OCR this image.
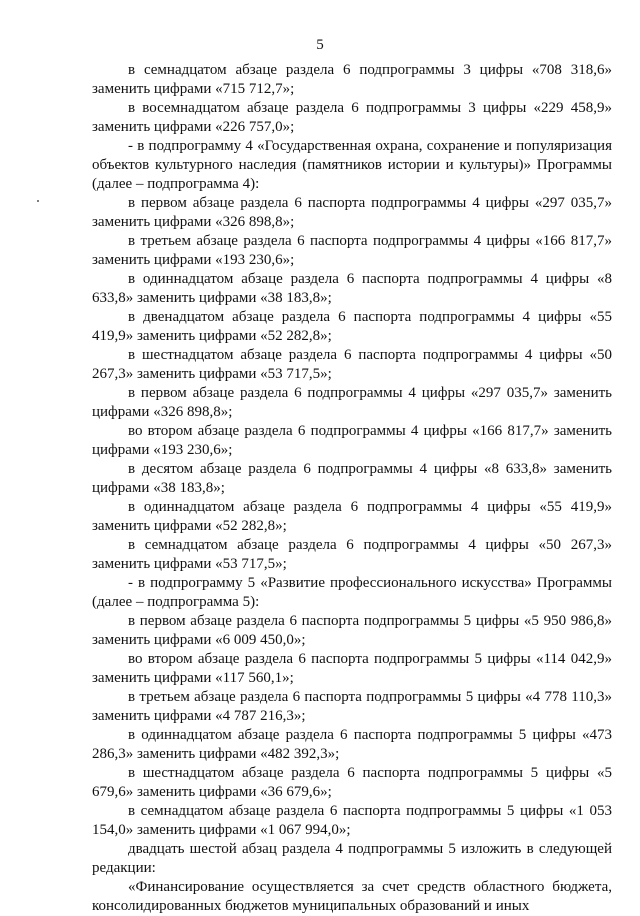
5

в семнадцатом абзаце раздела 6 подпрограммы 3 цифры «708 318,6» заменить цифрами «715 712,7»;

в восемнадцатом абзаце раздела 6 подпрограммы 3 цифры «229 458,9» заменить цифрами «226 757,0»;

- в подпрограмму 4 «Государственная охрана, сохранение и популяризация объектов культурного наследия (памятников истории и культуры)» Программы (далее – подпрограмма 4):

в первом абзаце раздела 6 паспорта подпрограммы 4 цифры «297 035,7» заменить цифрами «326 898,8»;

в третьем абзаце раздела 6 паспорта подпрограммы 4 цифры «166 817,7» заменить цифрами «193 230,6»;

в одиннадцатом абзаце раздела 6 паспорта подпрограммы 4 цифры «8 633,8» заменить цифрами «38 183,8»;

в двенадцатом абзаце раздела 6 паспорта подпрограммы 4 цифры «55 419,9» заменить цифрами «52 282,8»;

в шестнадцатом абзаце раздела 6 паспорта подпрограммы 4 цифры «50 267,3» заменить цифрами «53 717,5»;

в первом абзаце раздела 6 подпрограммы 4 цифры «297 035,7» заменить цифрами «326 898,8»;

во втором абзаце раздела 6 подпрограммы 4 цифры «166 817,7» заменить цифрами «193 230,6»;

в десятом абзаце раздела 6 подпрограммы 4 цифры «8 633,8» заменить цифрами «38 183,8»;

в одиннадцатом абзаце раздела 6 подпрограммы 4 цифры «55 419,9» заменить цифрами «52 282,8»;

в семнадцатом абзаце раздела 6 подпрограммы 4 цифры «50 267,3» заменить цифрами «53 717,5»;

- в подпрограмму 5 «Развитие профессионального искусства» Программы (далее – подпрограмма 5):

в первом абзаце раздела 6 паспорта подпрограммы 5 цифры «5 950 986,8» заменить цифрами «6 009 450,0»;

во втором абзаце раздела 6 паспорта подпрограммы 5 цифры «114 042,9» заменить цифрами «117 560,1»;

в третьем абзаце раздела 6 паспорта подпрограммы 5 цифры «4 778 110,3» заменить цифрами «4 787 216,3»;

в одиннадцатом абзаце раздела 6 паспорта подпрограммы 5 цифры «473 286,3» заменить цифрами «482 392,3»;

в шестнадцатом абзаце раздела 6 паспорта подпрограммы 5 цифры «5 679,6» заменить цифрами «36 679,6»;

в семнадцатом абзаце раздела 6 паспорта подпрограммы 5 цифры «1 053 154,0» заменить цифрами «1 067 994,0»;

двадцать шестой абзац раздела 4 подпрограммы 5 изложить в следующей редакции:

«Финансирование осуществляется за счет средств областного бюджета, консолидированных бюджетов муниципальных образований и иных
